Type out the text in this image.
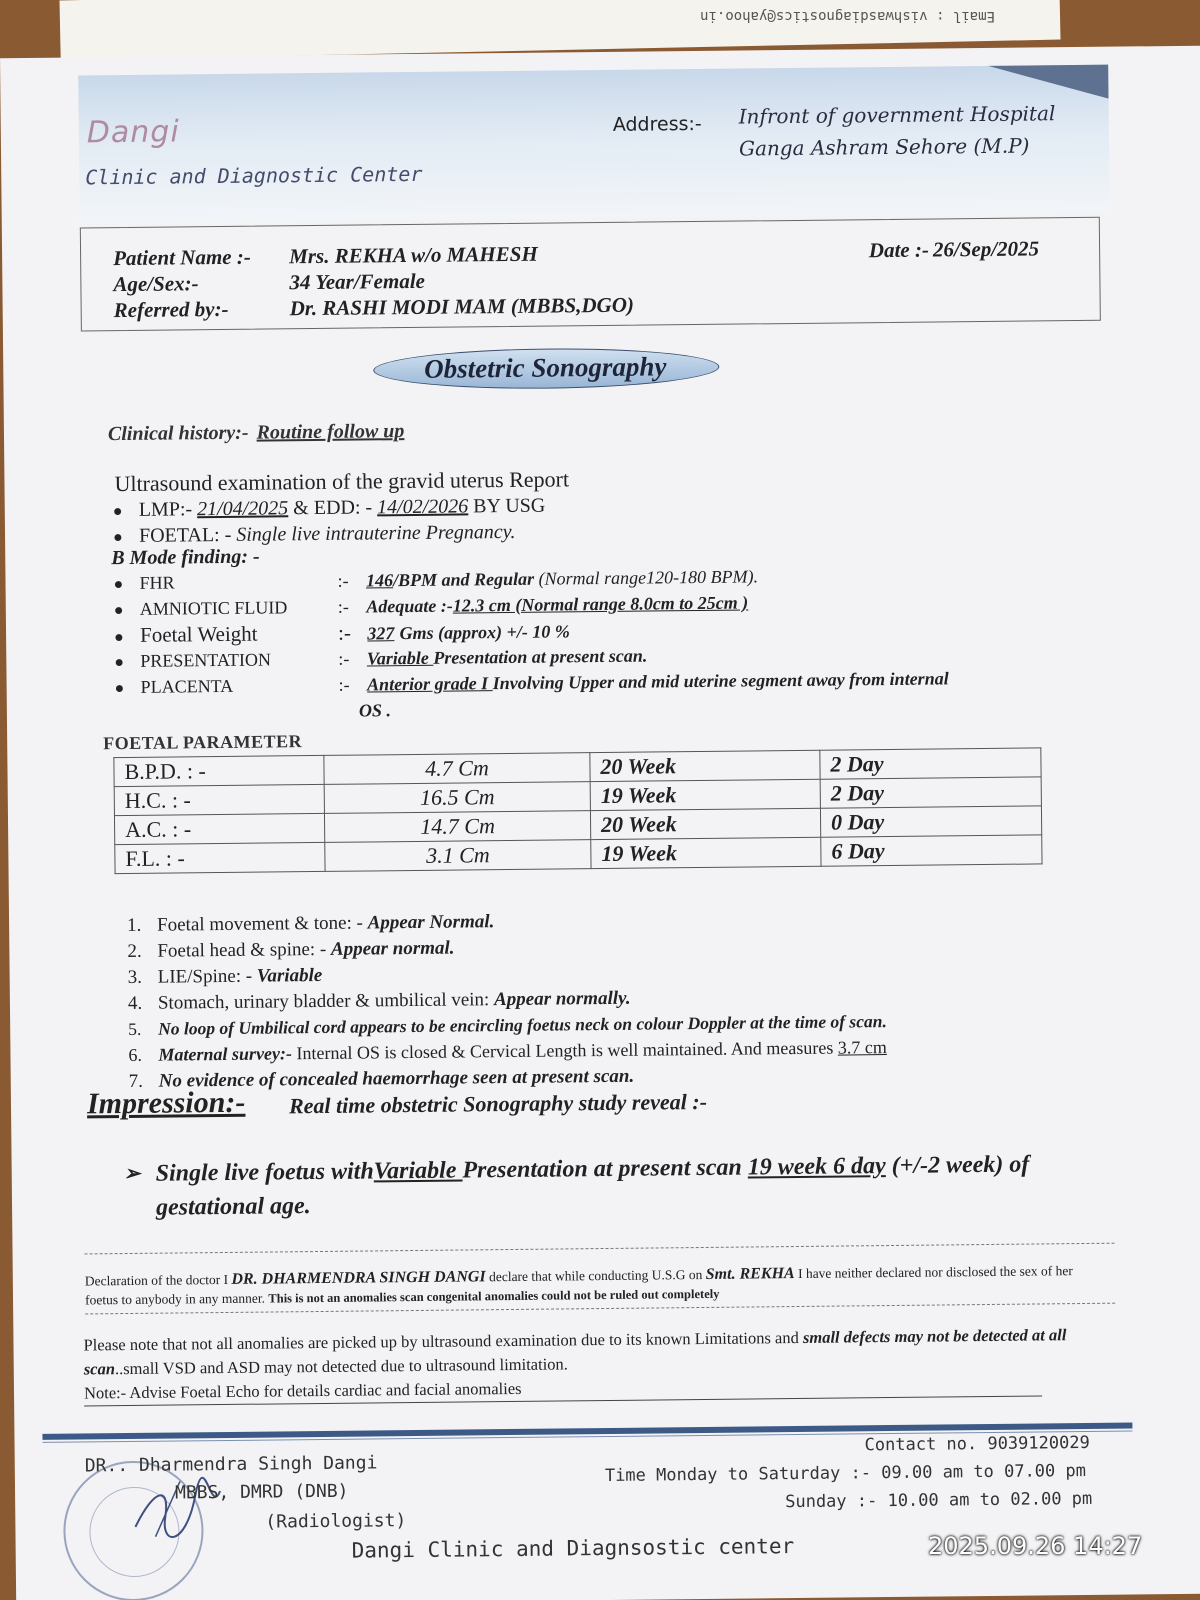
Email : vishwasdiagnostics@yahoo.in
Dangi
Clinic and Diagnostic Center
Address:- Infront of government Hospital
Ganga Ashram Sehore (M.P)
Patient Name :- Mrs. REKHA w/o MAHESH
Age/Sex:-	34 Year/Female
Referred by:-	Dr. RASHI MODI MAM (MBBS,DGO)
Date :- 26/Sep/2025
Obstetric Sonography
Clinical history:- Routine follow up
Ultrasound examination of the gravid uterus Report
● LMP:- 21/04/2025 & EDD: - 14/02/2026 BY USG
● FOETAL: - Single live intrauterine Pregnancy.
B Mode finding: -
● FHR	:- 146/BPM and Regular (Normal range120-180 BPM).
● AMNIOTIC FLUID	:- Adequate :-12.3 cm (Normal range 8.0cm to 25cm )
● Foetal Weight	:- 327 Gms (approx) +/- 10 %
● PRESENTATION	:- Variable Presentation at present scan.
● PLACENTA	:- Anterior grade I Involving Upper and mid uterine segment away from internal
OS .
FOETAL PARAMETER
B.P.D. : -	4.7 Cm	20 Week	2 Day
H.C. : -	16.5 Cm	19 Week	2 Day
A.C. : -	14.7 Cm	20 Week	0 Day
F.L. : -	3.1 Cm	19 Week	6 Day
1. Foetal movement & tone: - Appear Normal.
2. Foetal head & spine: - Appear normal.
3. LIE/Spine: - Variable
4. Stomach, urinary bladder & umbilical vein: Appear normally.
5. No loop of Umbilical cord appears to be encircling foetus neck on colour Doppler at the time of scan.
6. Maternal survey:- Internal OS is closed & Cervical Length is well maintained. And measures 3.7 cm
7. No evidence of concealed haemorrhage seen at present scan.
Impression:- Real time obstetric Sonography study reveal :-
➢ Single live foetus withVariable Presentation at present scan 19 week 6 day (+/-2 week) of gestational age.
Declaration of the doctor I DR. DHARMENDRA SINGH DANGI declare that while conducting U.S.G on Smt. REKHA I have neither declared nor disclosed the sex of her foetus to anybody in any manner. This is not an anomalies scan congenital anomalies could not be ruled out completely
Please note that not all anomalies are picked up by ultrasound examination due to its known Limitations and small defects may not be detected at all scan..small VSD and ASD may not detected due to ultrasound limitation.
Note:- Advise Foetal Echo for details cardiac and facial anomalies
DR.. Dharmendra Singh Dangi
MBBS, DMRD (DNB)
(Radiologist)
Dangi Clinic and Diagnsostic center
Contact no. 9039120029
Time Monday to Saturday :- 09.00 am to 07.00 pm
Sunday :- 10.00 am to 02.00 pm
2025.09.26 14:27
